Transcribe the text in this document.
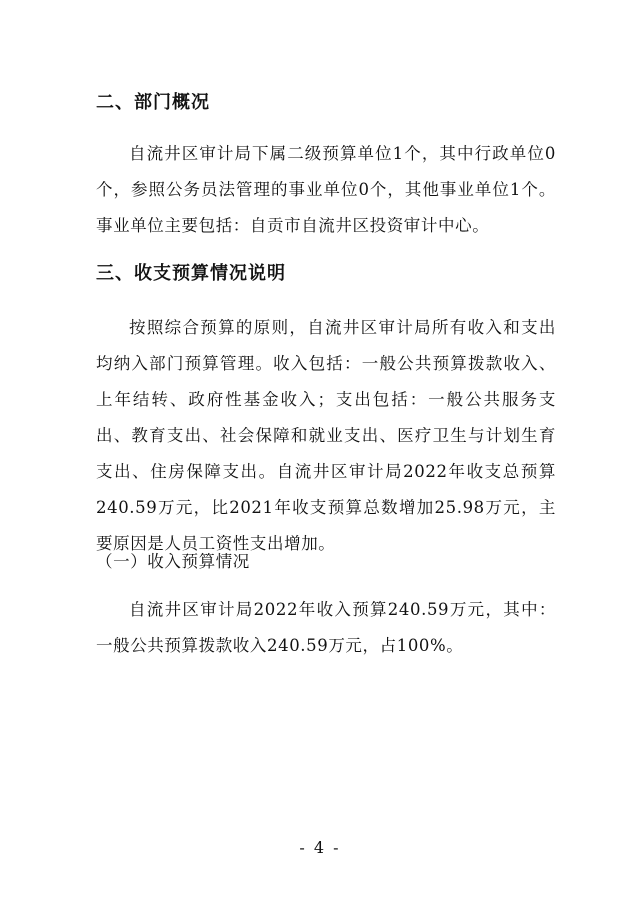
二、部门概况

自流井区审计局下属二级预算单位1个，其中行政单位0个，参照公务员法管理的事业单位0个，其他事业单位1个。事业单位主要包括：自贡市自流井区投资审计中心。

三、收支预算情况说明

按照综合预算的原则，自流井区审计局所有收入和支出均纳入部门预算管理。收入包括：一般公共预算拨款收入、上年结转、政府性基金收入；支出包括：一般公共服务支出、教育支出、社会保障和就业支出、医疗卫生与计划生育支出、住房保障支出。自流井区审计局2022年收支总预算240.59万元，比2021年收支预算总数增加25.98万元，主要原因是人员工资性支出增加。

（一）收入预算情况

自流井区审计局2022年收入预算240.59万元，其中：一般公共预算拨款收入240.59万元，占100%。

- 4 -
